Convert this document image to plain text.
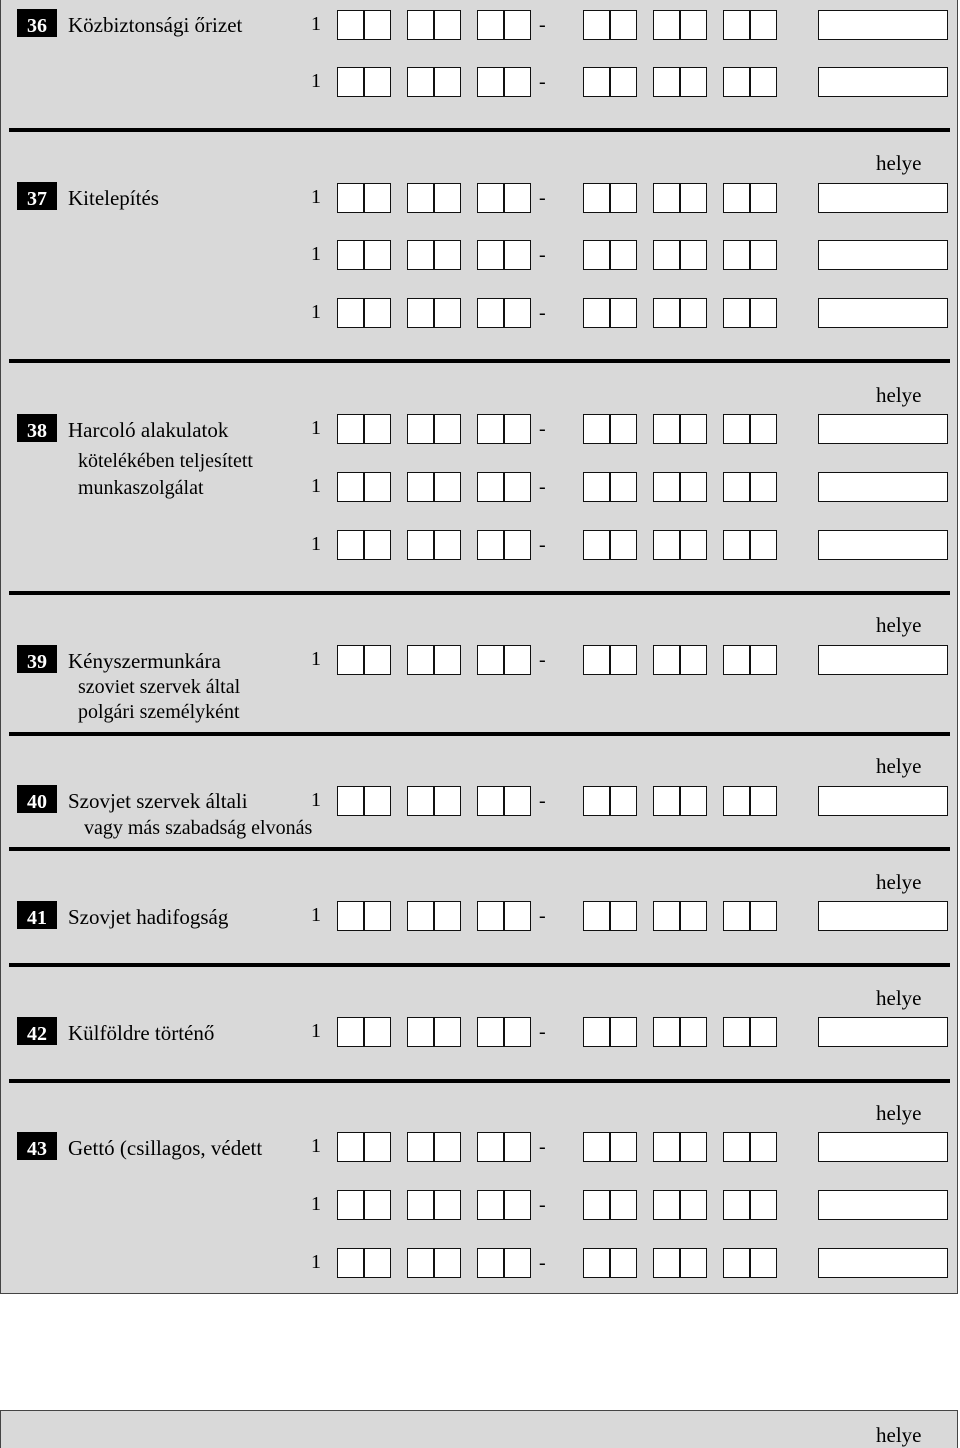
36	Közbiztonsági őrizet	1	-
1	-
helye
37	Kitelepítés	1	-
1	-
1	-
helye
38	Harcoló alakulatok
kötelékében teljesített
munkaszolgálat
1	-
1	-
1	-
helye
39	Kényszermunkára
szoviet szervek által
polgári személyként
1	-
helye
40	Szovjet szervek általi
vagy más szabadság elvonás
1	-
helye
41	Szovjet hadifogság	1	-
helye
42	Külföldre történő	1	-
helye
43	Gettó (csillagos, védett 1	-
1	-
1	-
helye
